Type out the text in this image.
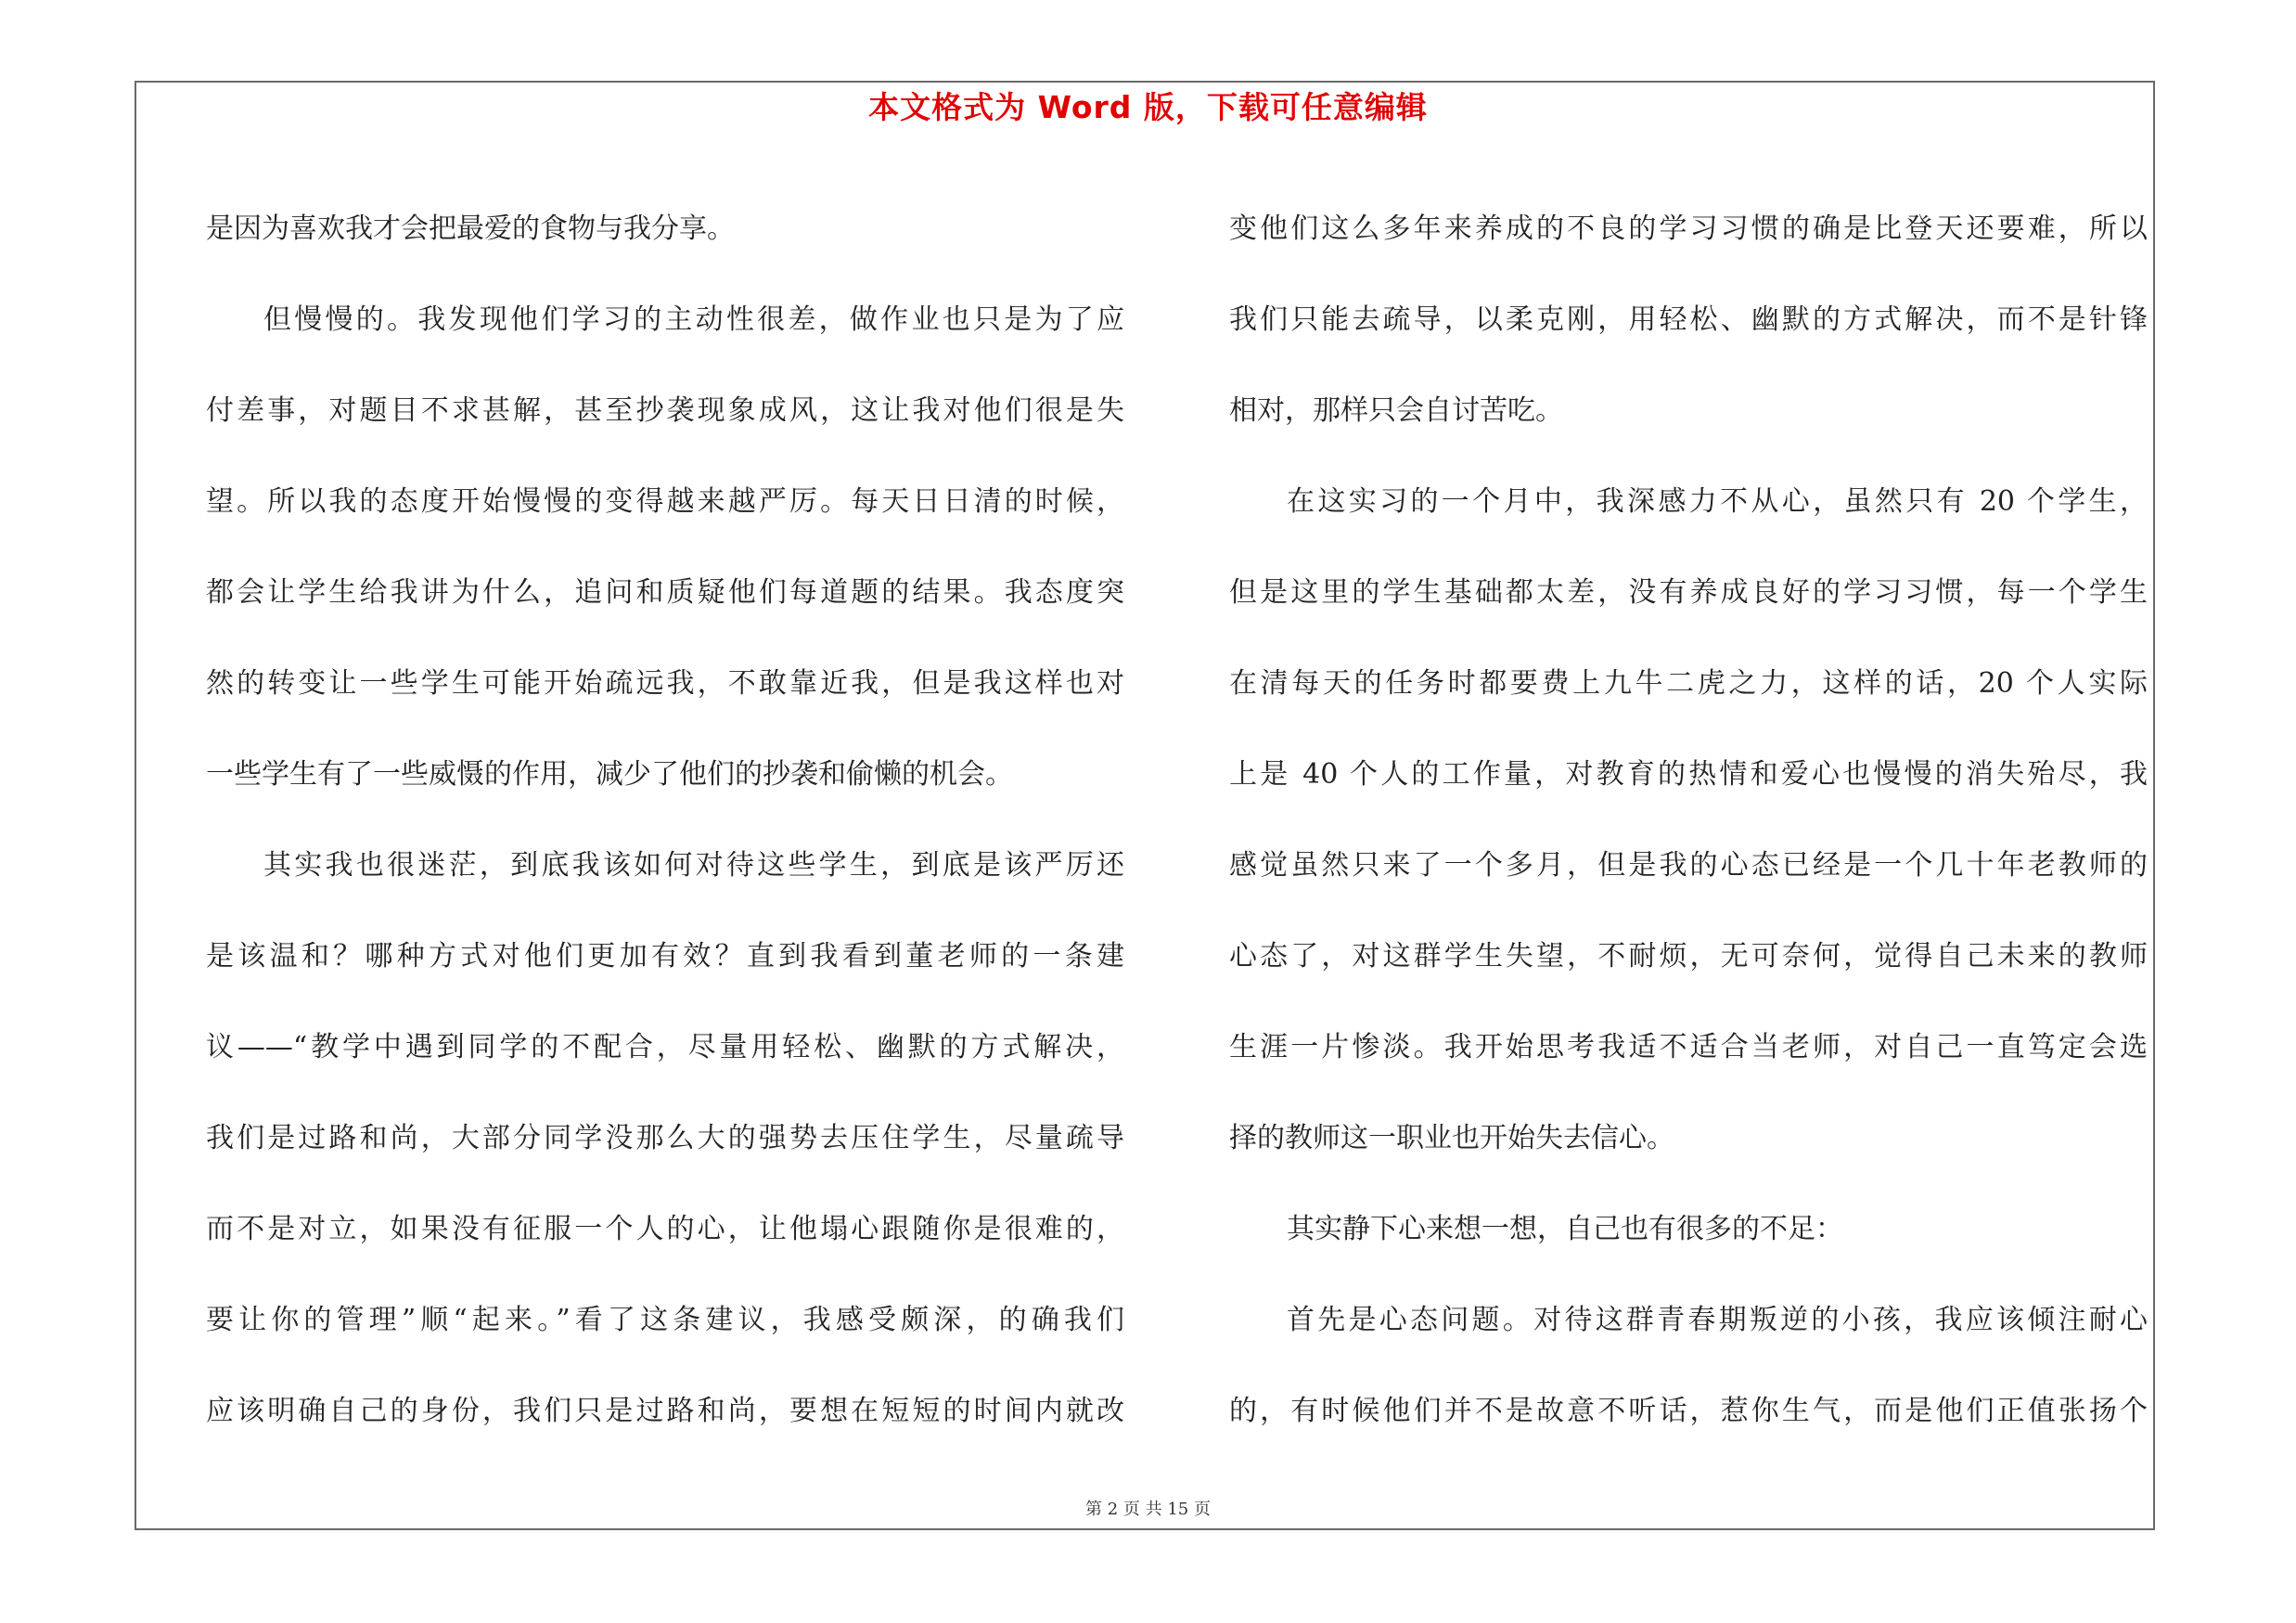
本文格式为 Word 版，下载可任意编辑
是因为喜欢我才会把最爱的食物与我分享。
但慢慢的。我发现他们学习的主动性很差，做作业也只是为了应
付差事，对题目不求甚解，甚至抄袭现象成风，这让我对他们很是失
望。所以我的态度开始慢慢的变得越来越严厉。每天日日清的时候，
都会让学生给我讲为什么，追问和质疑他们每道题的结果。我态度突
然的转变让一些学生可能开始疏远我，不敢靠近我，但是我这样也对
一些学生有了一些威慑的作用，减少了他们的抄袭和偷懒的机会。
其实我也很迷茫，到底我该如何对待这些学生，到底是该严厉还
是该温和？哪种方式对他们更加有效？直到我看到董老师的一条建
议——“教学中遇到同学的不配合，尽量用轻松、幽默的方式解决，
我们是过路和尚，大部分同学没那么大的强势去压住学生，尽量疏导
而不是对立，如果没有征服一个人的心，让他塌心跟随你是很难的，
要让你的管理”顺“起来。”看了这条建议，我感受颇深，的确我们
应该明确自己的身份，我们只是过路和尚，要想在短短的时间内就改
变他们这么多年来养成的不良的学习习惯的确是比登天还要难，所以
我们只能去疏导，以柔克刚，用轻松、幽默的方式解决，而不是针锋
相对，那样只会自讨苦吃。
在这实习的一个月中，我深感力不从心，虽然只有 20 个学生，
但是这里的学生基础都太差，没有养成良好的学习习惯，每一个学生
在清每天的任务时都要费上九牛二虎之力，这样的话，20 个人实际
上是 40 个人的工作量，对教育的热情和爱心也慢慢的消失殆尽，我
感觉虽然只来了一个多月，但是我的心态已经是一个几十年老教师的
心态了，对这群学生失望，不耐烦，无可奈何，觉得自己未来的教师
生涯一片惨淡。我开始思考我适不适合当老师，对自己一直笃定会选
择的教师这一职业也开始失去信心。
其实静下心来想一想，自己也有很多的不足：
首先是心态问题。对待这群青春期叛逆的小孩，我应该倾注耐心
的，有时候他们并不是故意不听话，惹你生气，而是他们正值张扬个
第 2 页 共 15 页
